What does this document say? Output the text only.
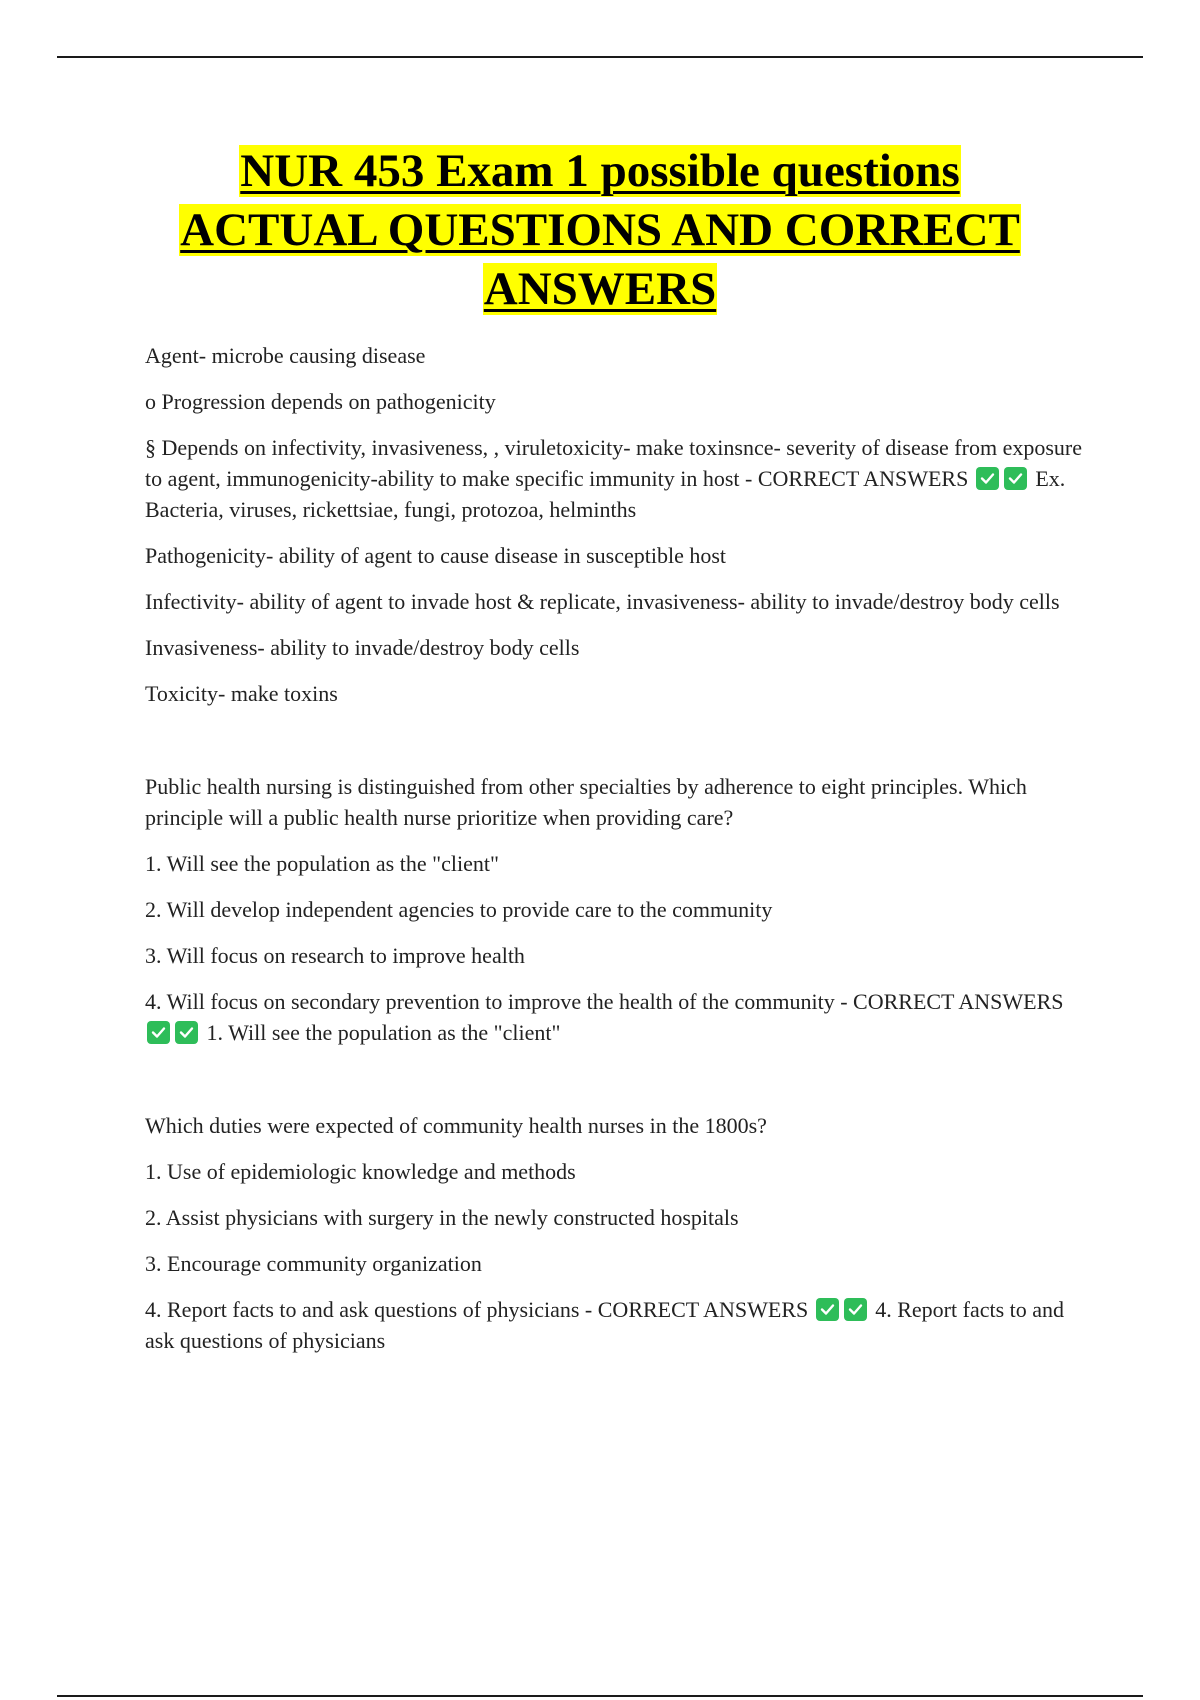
NUR 453 Exam 1 possible questions
ACTUAL QUESTIONS AND CORRECT
ANSWERS

Agent- microbe causing disease

o Progression depends on pathogenicity

§ Depends on infectivity, invasiveness, , viruletoxicity- make toxinsnce- severity of disease from exposure to agent, immunogenicity-ability to make specific immunity in host - CORRECT ANSWERS	Ex. Bacteria, viruses, rickettsiae, fungi, protozoa, helminths

Pathogenicity- ability of agent to cause disease in susceptible host

Infectivity- ability of agent to invade host & replicate, invasiveness- ability to invade/destroy body cells

Invasiveness- ability to invade/destroy body cells

Toxicity- make toxins

Public health nursing is distinguished from other specialties by adherence to eight principles. Which principle will a public health nurse prioritize when providing care?

1. Will see the population as the "client"

2. Will develop independent agencies to provide care to the community

3. Will focus on research to improve health

4. Will focus on secondary prevention to improve the health of the community - CORRECT ANSWERS
1. Will see the population as the "client"

Which duties were expected of community health nurses in the 1800s?

1. Use of epidemiologic knowledge and methods

2. Assist physicians with surgery in the newly constructed hospitals

3. Encourage community organization

4. Report facts to and ask questions of physicians - CORRECT ANSWERS	4. Report facts to and ask questions of physicians
